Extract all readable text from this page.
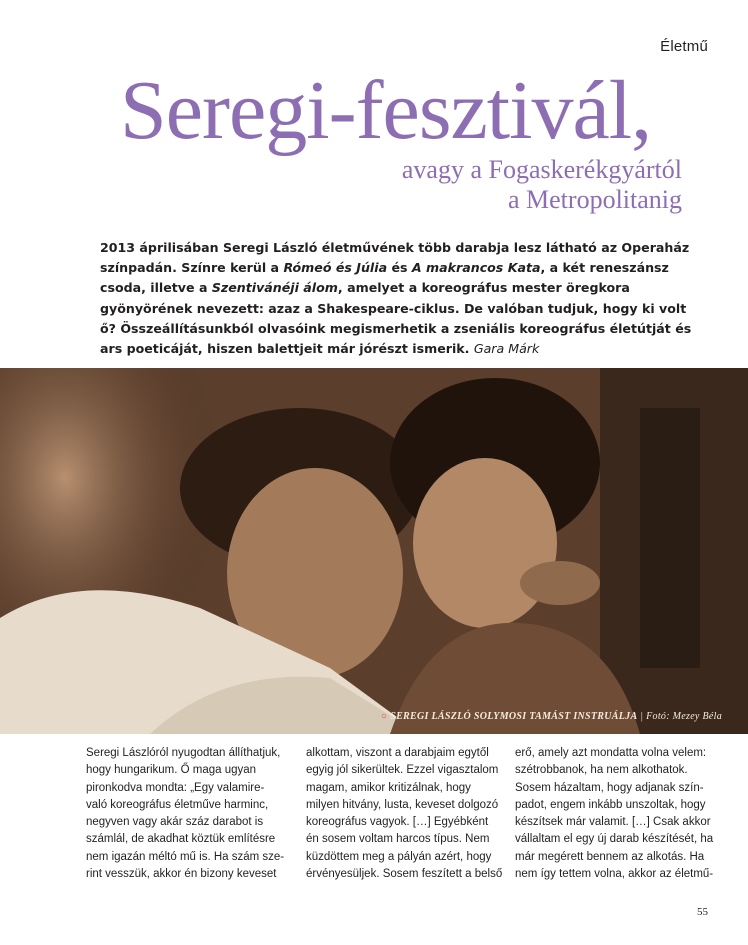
Életmű
Seregi-fesztivál,
avagy a Fogaskerékgyártól
a Metropolitanig
2013 áprilisában Seregi László életművének több darabja lesz látható az Operaház színpadán. Színre kerül a Rómeó és Júlia és A makrancos Kata, a két reneszánsz csoda, illetve a Szentivánéji álom, amelyet a koreográfus mester öregkora gyönyörének nevezett: azaz a Shakespeare-ciklus. De valóban tudjuk, hogy ki volt ő? Összeállításunkból olvasóink megismerhetik a zseniális koreográfus életútját és ars poeticáját, hiszen balettjeit már jórészt ismerik. Gara Márk
○ SEREGI LÁSZLÓ SOLYMOSI TAMÁST INSTRUÁLJA | Fotó: Mezey Béla
Seregi Lászlóról nyugodtan állíthatjuk,
hogy hungarikum. Ő maga ugyan
pironkodva mondta: „Egy valamire-
való koreográfus életműve harminc,
negyven vagy akár száz darabot is
számlál, de akadhat köztük említésre
nem igazán méltó mű is. Ha szám sze-
rint vesszük, akkor én bizony keveset
alkottam, viszont a darabjaim egytől
egyig jól sikerültek. Ezzel vigasztalom
magam, amikor kritizálnak, hogy
milyen hitvány, lusta, keveset dolgozó
koreográfus vagyok. […] Egyébként
én sosem voltam harcos típus. Nem
küzdöttem meg a pályán azért, hogy
érvényesüljek. Sosem feszített a belső
erő, amely azt mondatta volna velem:
szétrobbanok, ha nem alkothatok.
Sosem házaltam, hogy adjanak szín-
padot, engem inkább unszoltak, hogy
készítsek már valamit. […] Csak akkor
vállaltam el egy új darab készítését, ha
már megérett bennem az alkotás. Ha
nem így tettem volna, akkor az életmű-
55
